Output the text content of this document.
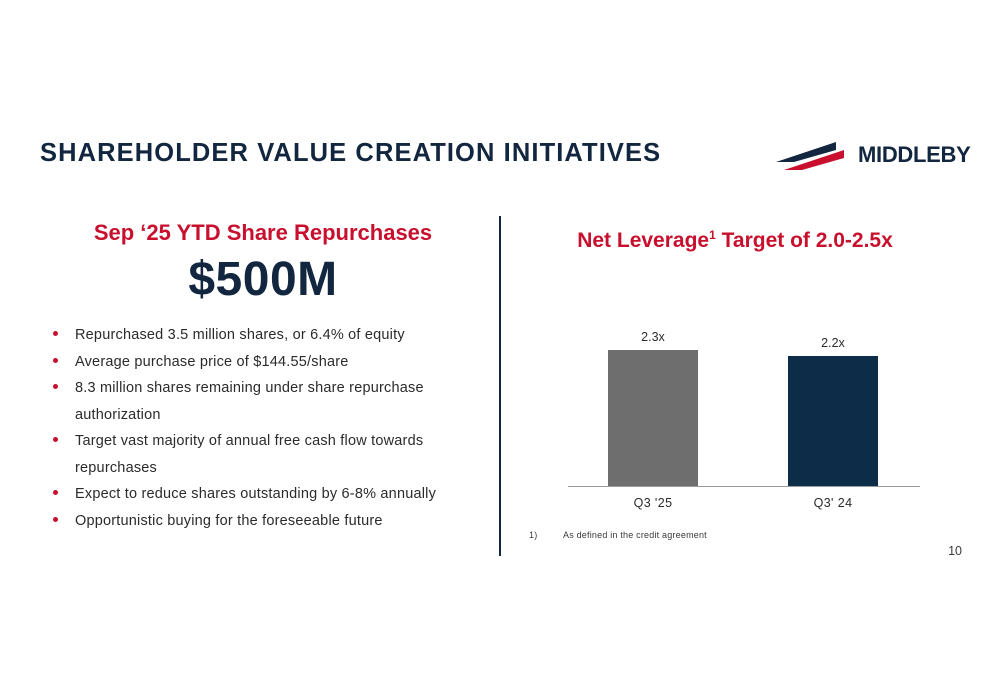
SHAREHOLDER VALUE CREATION INITIATIVES	MIDDLEBY
Sep ‘25 YTD Share Repurchases
$500M
Repurchased 3.5 million shares, or 6.4% of equity
Average purchase price of $144.55/share
8.3 million shares remaining under share repurchase authorization
Target vast majority of annual free cash flow towards repurchases
Expect to reduce shares outstanding by 6-8% annually
Opportunistic buying for the foreseeable future
Net Leverage$^1$ Target of 2.0-2.5x
2.3x
Q3 '25
2.2x
Q3' 24
1)	As defined in the credit agreement
10
